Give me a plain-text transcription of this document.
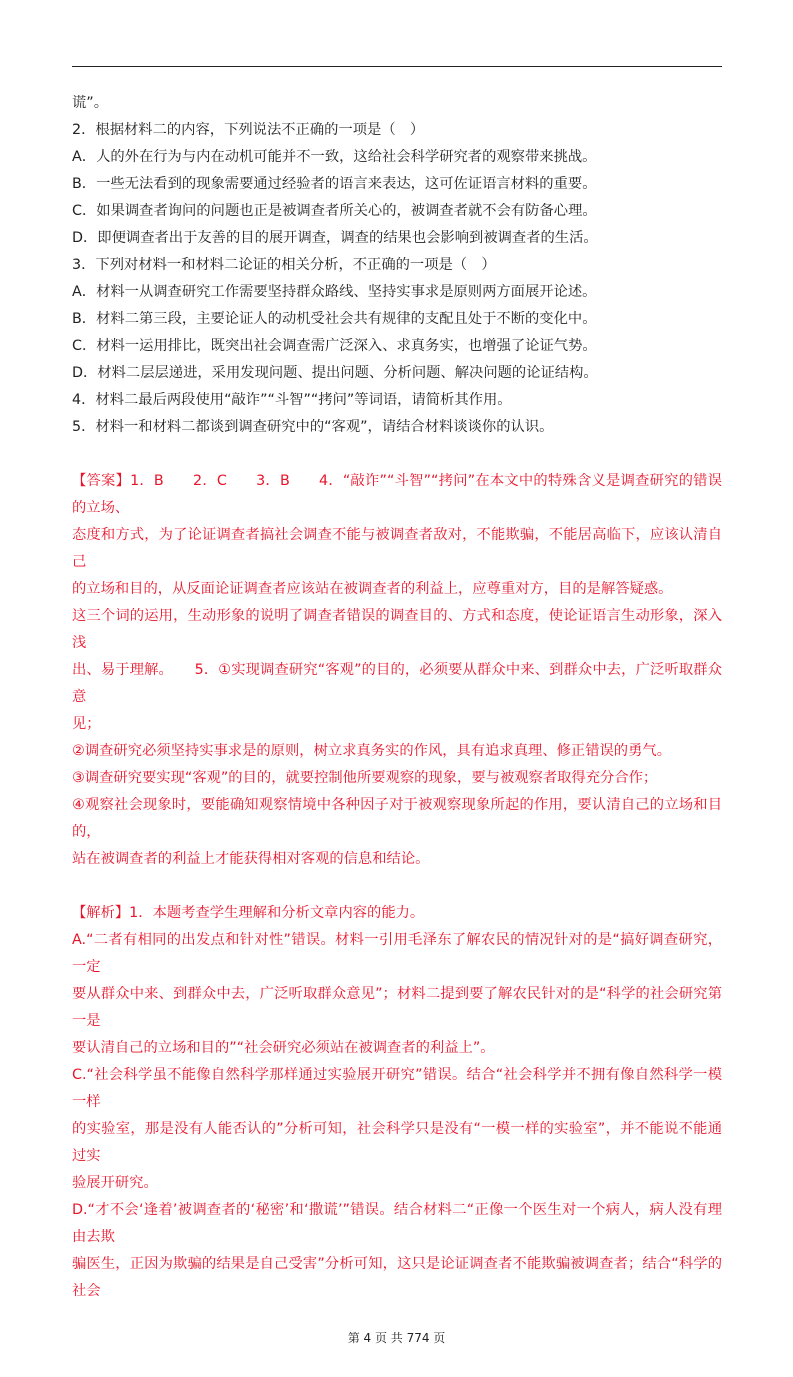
谎”。
2．根据材料二的内容，下列说法不正确的一项是（　）
A．人的外在行为与内在动机可能并不一致，这给社会科学研究者的观察带来挑战。
B．一些无法看到的现象需要通过经验者的语言来表达，这可佐证语言材料的重要。
C．如果调查者询问的问题也正是被调查者所关心的，被调查者就不会有防备心理。
D．即便调查者出于友善的目的展开调查，调查的结果也会影响到被调查者的生活。
3．下列对材料一和材料二论证的相关分析，不正确的一项是（　）
A．材料一从调查研究工作需要坚持群众路线、坚持实事求是原则两方面展开论述。
B．材料二第三段，主要论证人的动机受社会共有规律的支配且处于不断的变化中。
C．材料一运用排比，既突出社会调查需广泛深入、求真务实，也增强了论证气势。
D．材料二层层递进，采用发现问题、提出问题、分析问题、解决问题的论证结构。
4．材料二最后两段使用“敲诈”“斗智”“拷问”等词语，请简析其作用。
5．材料一和材料二都谈到调查研究中的“客观”，请结合材料谈谈你的认识。
【答案】1．B　　2．C　　3．B　　4．“敲诈”“斗智”“拷问”在本文中的特殊含义是调查研究的错误的立场、
态度和方式，为了论证调查者搞社会调查不能与被调查者敌对，不能欺骗，不能居高临下，应该认清自己
的立场和目的，从反面论证调查者应该站在被调查者的利益上，应尊重对方，目的是解答疑惑。
这三个词的运用，生动形象的说明了调查者错误的调查目的、方式和态度，使论证语言生动形象，深入浅
出、易于理解。　　5．①实现调查研究“客观”的目的，必须要从群众中来、到群众中去，广泛听取群众意
见；
②调查研究必须坚持实事求是的原则，树立求真务实的作风，具有追求真理、修正错误的勇气。
③调查研究要实现“客观”的目的，就要控制他所要观察的现象，要与被观察者取得充分合作；
④观察社会现象时，要能确知观察情境中各种因子对于被观察现象所起的作用，要认清自己的立场和目的，
站在被调查者的利益上才能获得相对客观的信息和结论。
【解析】1．本题考查学生理解和分析文章内容的能力。
A.“二者有相同的出发点和针对性”错误。材料一引用毛泽东了解农民的情况针对的是“搞好调查研究，一定
要从群众中来、到群众中去，广泛听取群众意见”；材料二提到要了解农民针对的是“科学的社会研究第一是
要认清自己的立场和目的”“社会研究必须站在被调查者的利益上”。
C.“社会科学虽不能像自然科学那样通过实验展开研究”错误。结合“社会科学并不拥有像自然科学一模一样
的实验室，那是没有人能否认的”分析可知，社会科学只是没有“一模一样的实验室”，并不能说不能通过实
验展开研究。
D.“才不会‘逢着’被调查者的‘秘密’和‘撒谎’”错误。结合材料二“正像一个医生对一个病人，病人没有理由去欺
骗医生，正因为欺骗的结果是自己受害”分析可知，这只是论证调查者不能欺骗被调查者；结合“科学的社会
第 4 页 共 774 页
